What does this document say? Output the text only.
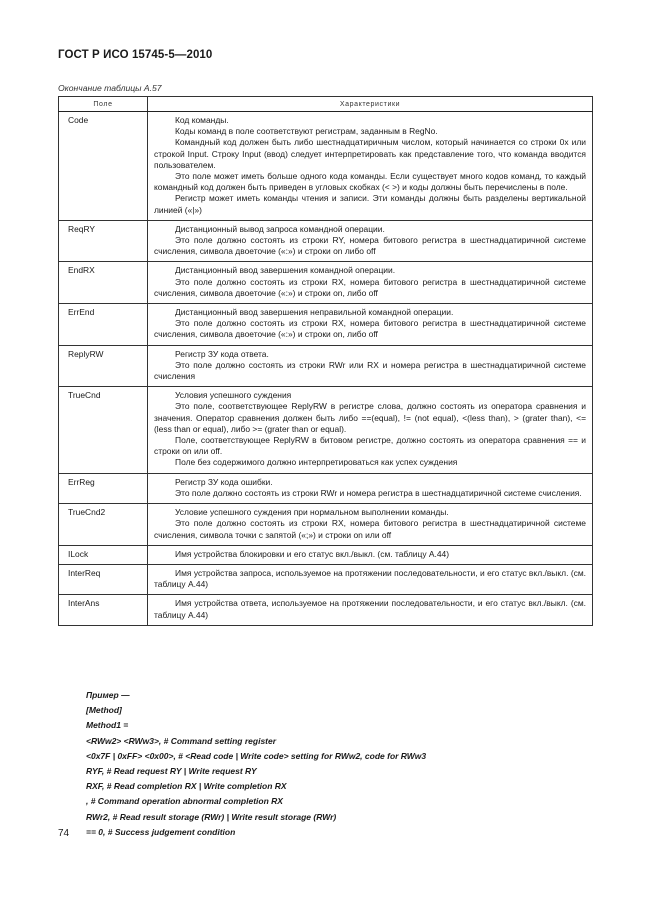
ГОСТ Р ИСО 15745-5—2010
Окончание таблицы А.57
Поле	Характеристики
Code	Код команды.

Коды команд в поле соответствуют регистрам, заданным в RegNo.

Командный код должен быть либо шестнадцатиричным числом, который начинается со строки 0x или строкой Input. Строку Input (ввод) следует интерпретировать как представление того, что команда вводится пользователем.

Это поле может иметь больше одного кода команды. Если существует много кодов команд, то каждый командный код должен быть приведен в угловых скобках (< >) и коды должны быть перечислены в поле.

Регистр может иметь команды чтения и записи. Эти команды должны быть разделены вертикальной линией («|»)

ReqRY	Дистанционный вывод запроса командной операции.

Это поле должно состоять из строки RY, номера битового регистра в шестнадцатиричной системе счисления, символа двоеточие («:») и строки on либо off

EndRX	Дистанционный ввод завершения командной операции.

Это поле должно состоять из строки RX, номера битового регистра в шестнадцатиричной системе счисления, символа двоеточие («:») и строки on, либо off

ErrEnd	Дистанционный ввод завершения неправильной командной операции.

Это поле должно состоять из строки RX, номера битового регистра в шестнадцатиричной системе счисления, символа двоеточие («:») и строки on, либо off

ReplyRW	Регистр ЗУ кода ответа.

Это поле должно состоять из строки RWr или RX и номера регистра в шестнадцатиричной системе счисления

TrueCnd	Условия успешного суждения

Это поле, соответствующее ReplyRW в регистре слова, должно состоять из оператора сравнения и значения. Оператор сравнения должен быть либо ==(equal), != (not equal), <(less than), > (grater than), <= (less than or equal), либо >= (grater than or equal).

Поле, соответствующее ReplyRW в битовом регистре, должно состоять из оператора сравнения == и строки on или off.

Поле без содержимого должно интерпретироваться как успех суждения

ErrReg	Регистр ЗУ кода ошибки.

Это поле должно состоять из строки RWr и номера регистра в шестнадцатиричной системе счисления.

TrueCnd2	Условие успешного суждения при нормальном выполнении команды.

Это поле должно состоять из строки RX, номера битового регистра в шестнадцатиричной системе счисления, символа точки с запятой («;») и строки on или off

ILock	Имя устройства блокировки и его статус вкл./выкл. (см. таблицу А.44)

InterReq	Имя устройства запроса, используемое на протяжении последовательности, и его статус вкл./выкл. (см. таблицу А.44)

InterAns	Имя устройства ответа, используемое на протяжении последовательности, и его статус вкл./выкл. (см. таблицу А.44)

Пример —
[Method]
Method1 =
<RWw2> <RWw3>, # Command setting register
<0x7F | 0xFF> <0x00>, # <Read code | Write code> setting for RWw2, code for RWw3
RYF, # Read request RY | Write request RY
RXF, # Read completion RX | Write completion RX
, # Command operation abnormal completion RX
RWr2, # Read result storage (RWr) | Write result storage (RWr)
== 0, # Success judgement condition
74
